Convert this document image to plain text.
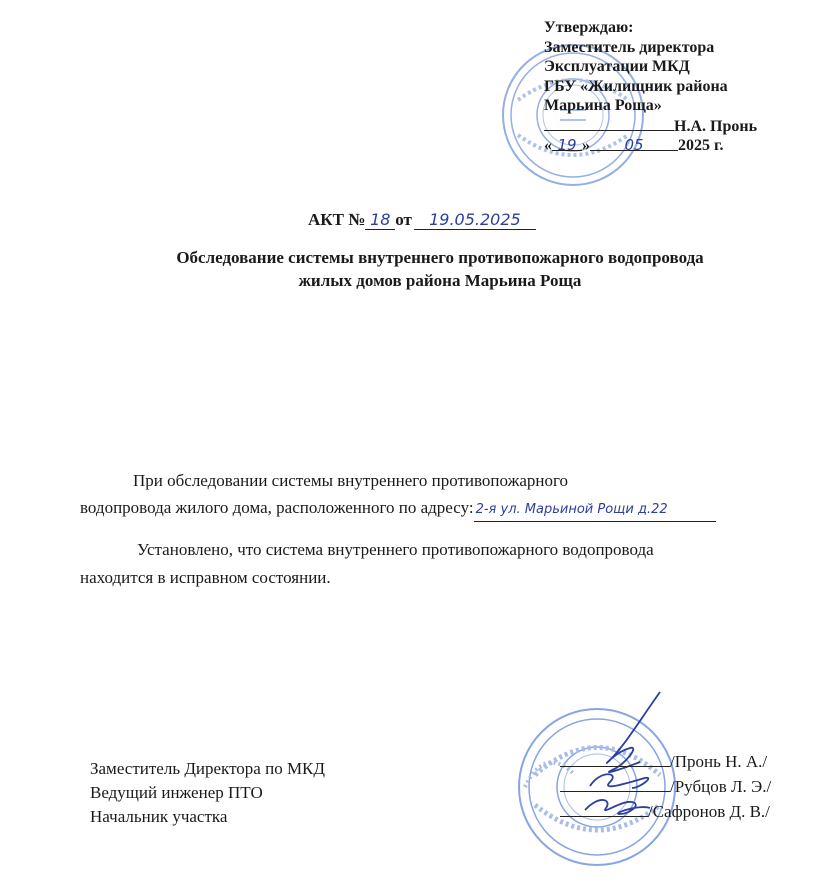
Утверждаю:
Заместитель директора
Эксплуатации МКД
ГБУ «Жилищник района
Марьина Роща»
Н.А. Пронь
« 19 » 05 2025 г.
АКТ № 18 от 19.05.2025
Обследование системы внутреннего противопожарного водопровода
жилых домов района Марьина Роща
При обследовании системы внутреннего противопожарного
водопровода жилого дома, расположенного по адресу: 2-я ул. Марьиной Рощи д.22
Установлено, что система внутреннего противопожарного водопровода
находится в исправном состоянии.
Заместитель Директора по МКД
Ведущий инженер ПТО
Начальник участка
/Пронь Н. А./
/Рубцов Л. Э./
/Сафронов Д. В./
